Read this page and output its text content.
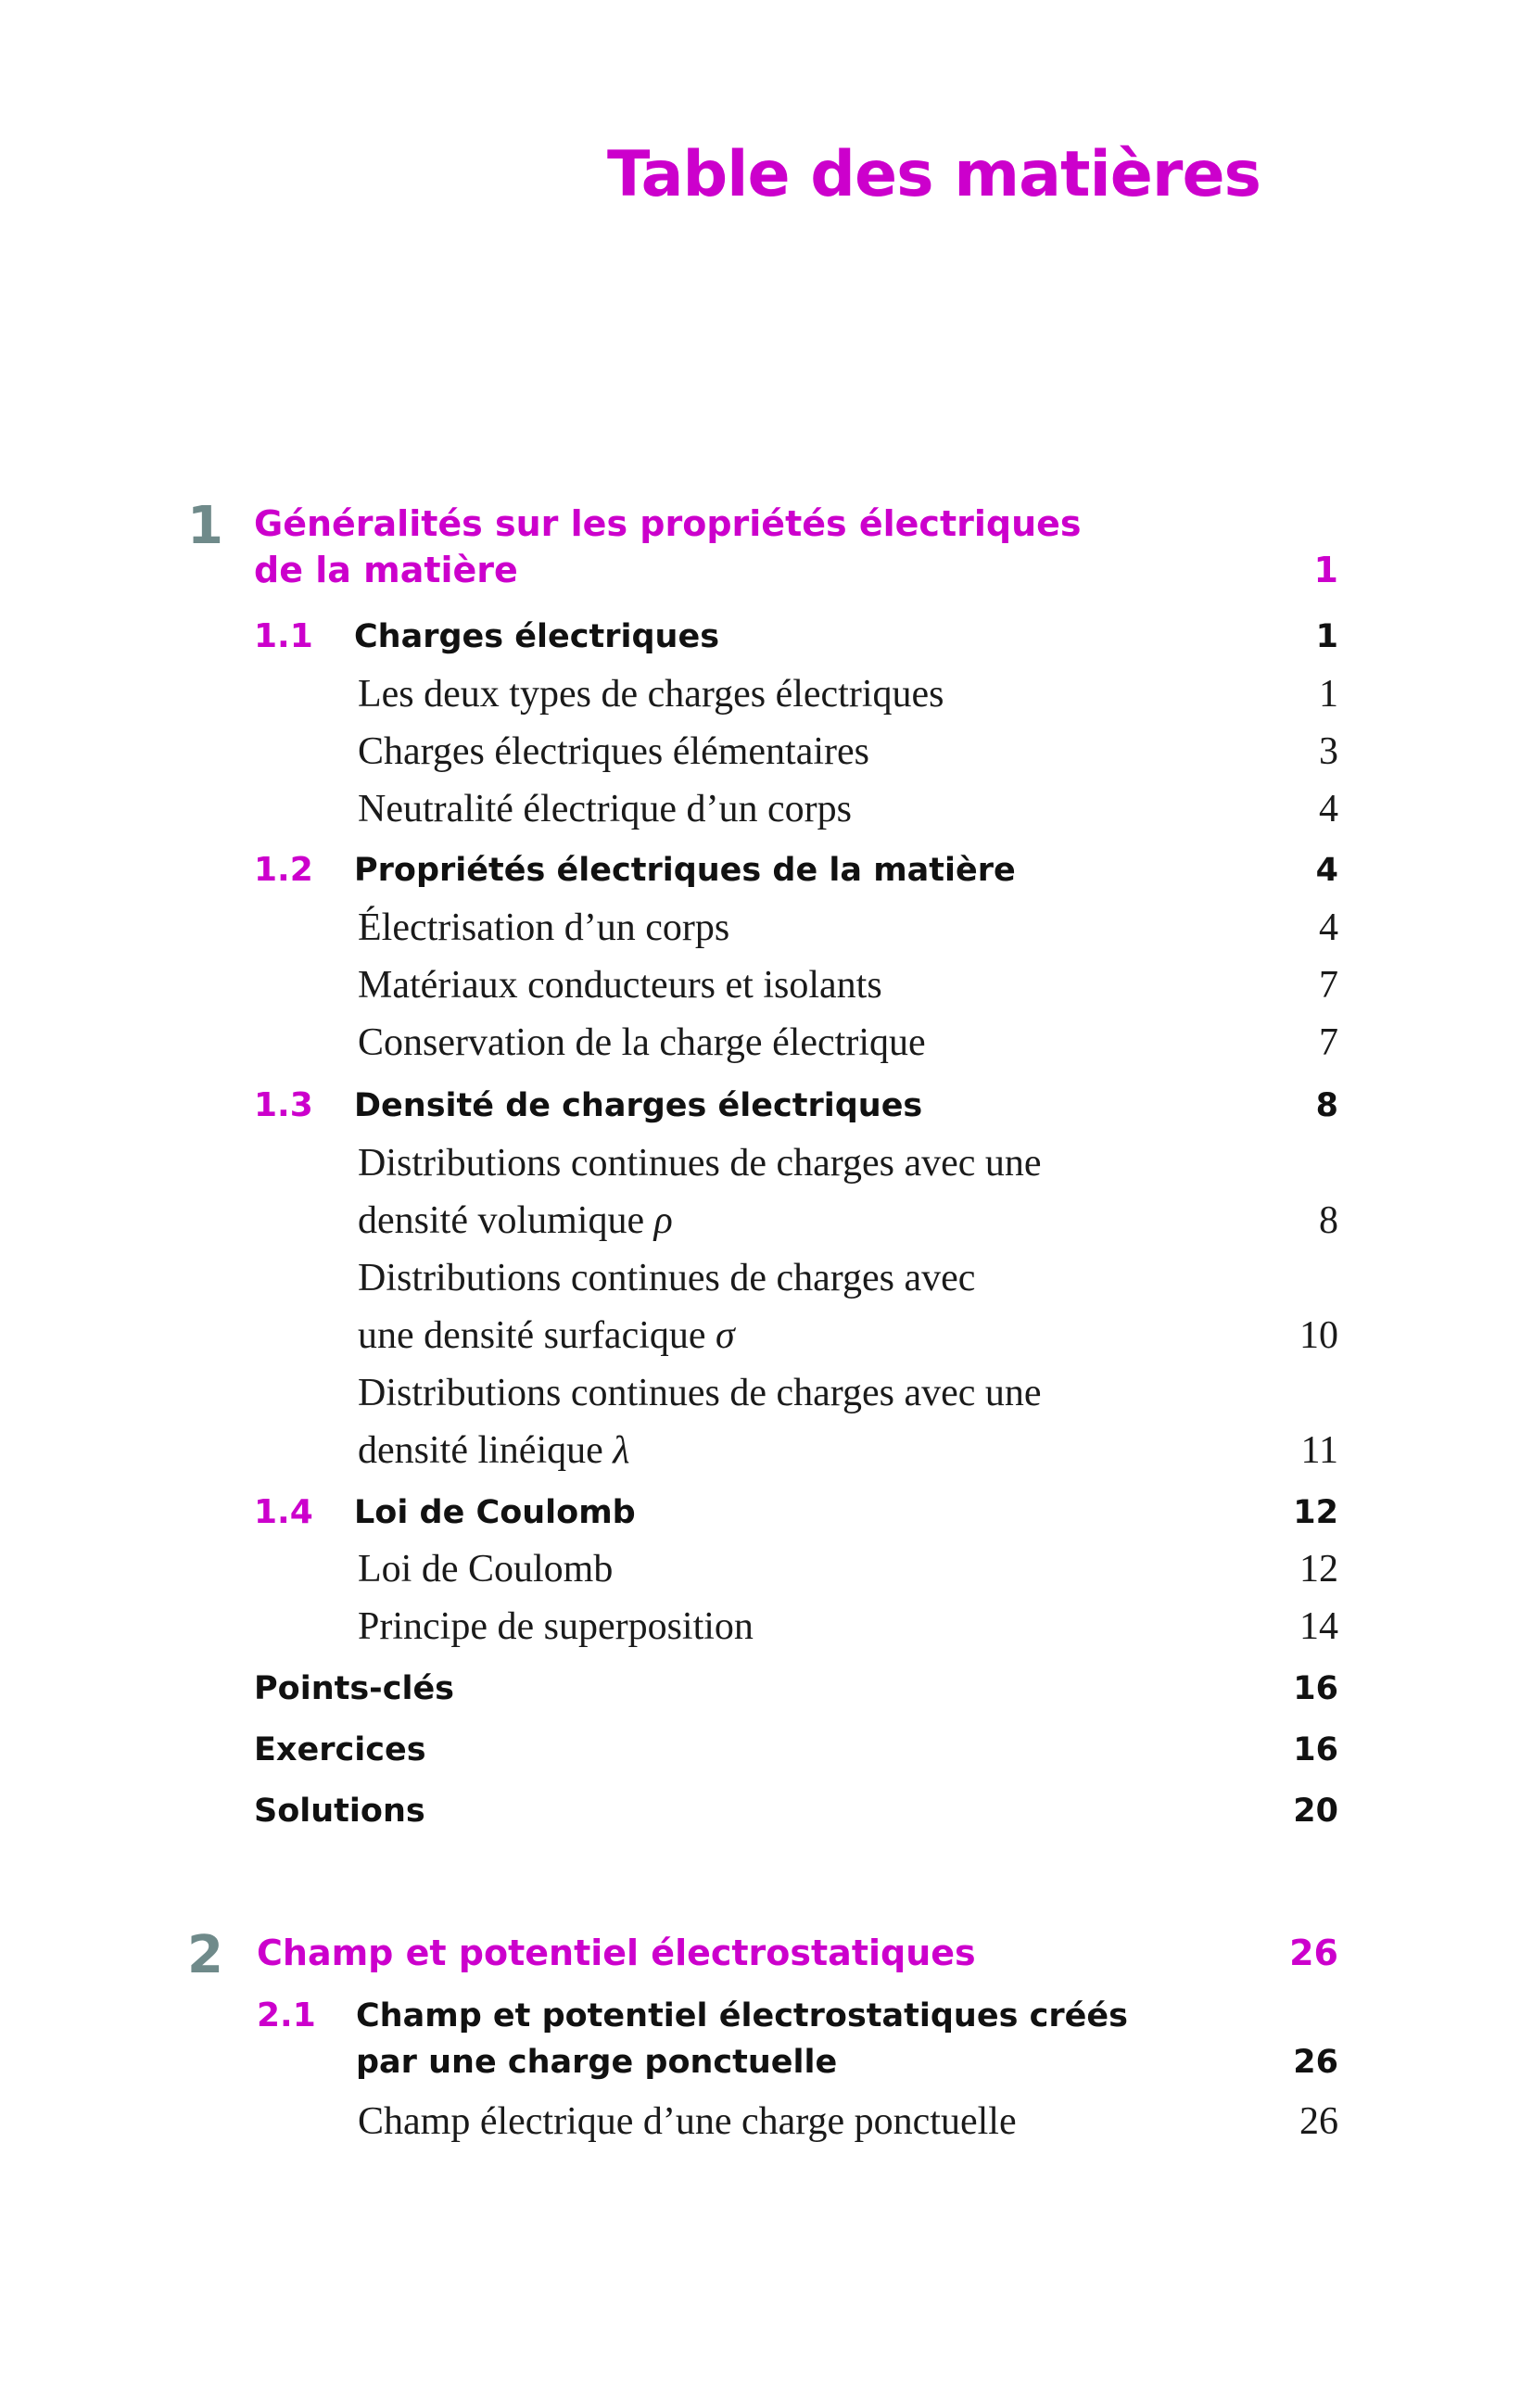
Table des matières
1 Généralités sur les propriétés électriques
de la matière	1
1.1 Charges électriques	1
Les deux types de charges électriques	1
Charges électriques élémentaires	3
Neutralité électrique d’un corps	4
1.2 Propriétés électriques de la matière	4
Électrisation d’un corps	4
Matériaux conducteurs et isolants	7
Conservation de la charge électrique	7
1.3 Densité de charges électriques	8
Distributions continues de charges avec une
densité volumique ρ	8
Distributions continues de charges avec
une densité surfacique σ	10
Distributions continues de charges avec une
densité linéique λ	11
1.4 Loi de Coulomb	12
Loi de Coulomb	12
Principe de superposition	14
Points-clés	16
Exercices	16
Solutions	20
2 Champ et potentiel électrostatiques	26
2.1 Champ et potentiel électrostatiques créés
par une charge ponctuelle	26
Champ électrique d’une charge ponctuelle	26
